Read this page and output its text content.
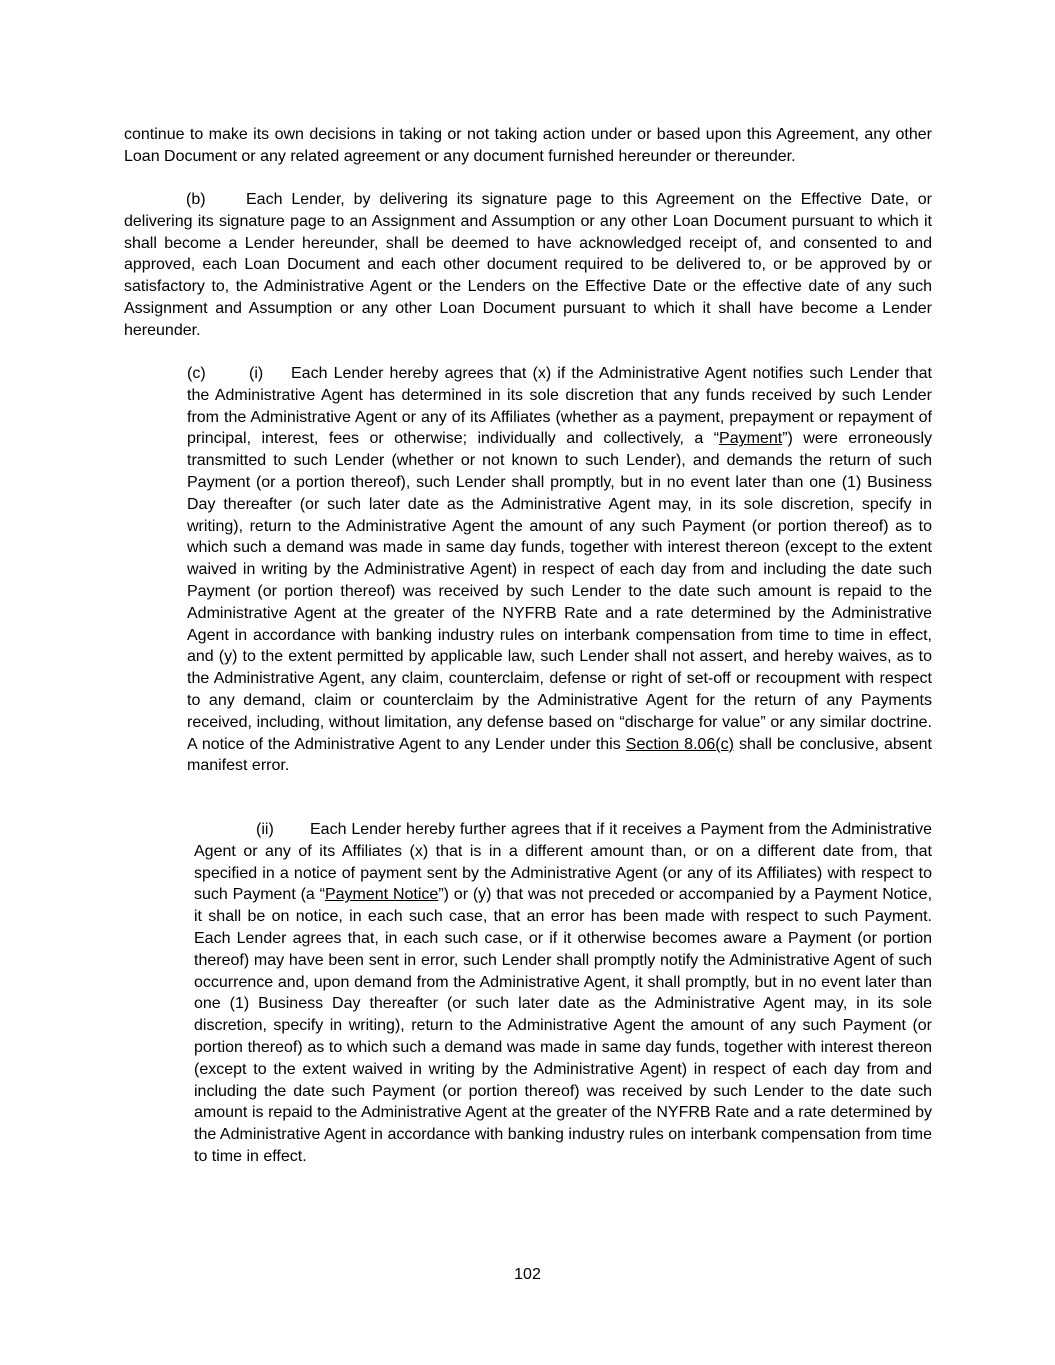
continue to make its own decisions in taking or not taking action under or based upon this Agreement, any other Loan Document or any related agreement or any document furnished hereunder or thereunder.

(b)	Each Lender, by delivering its signature page to this Agreement on the Effective Date, or delivering its signature page to an Assignment and Assumption or any other Loan Document pursuant to which it shall become a Lender hereunder, shall be deemed to have acknowledged receipt of, and consented to and approved, each Loan Document and each other document required to be delivered to, or be approved by or satisfactory to, the Administrative Agent or the Lenders on the Effective Date or the effective date of any such Assignment and Assumption or any other Loan Document pursuant to which it shall have become a Lender hereunder.

(c)	(i) Each Lender hereby agrees that (x) if the Administrative Agent notifies such Lender that the Administrative Agent has determined in its sole discretion that any funds received by such Lender from the Administrative Agent or any of its Affiliates (whether as a payment, prepayment or repayment of principal, interest, fees or otherwise; individually and collectively, a “Payment”) were erroneously transmitted to such Lender (whether or not known to such Lender), and demands the return of such Payment (or a portion thereof), such Lender shall promptly, but in no event later than one (1) Business Day thereafter (or such later date as the Administrative Agent may, in its sole discretion, specify in writing), return to the Administrative Agent the amount of any such Payment (or portion thereof) as to which such a demand was made in same day funds, together with interest thereon (except to the extent waived in writing by the Administrative Agent) in respect of each day from and including the date such Payment (or portion thereof) was received by such Lender to the date such amount is repaid to the Administrative Agent at the greater of the NYFRB Rate and a rate determined by the Administrative Agent in accordance with banking industry rules on interbank compensation from time to time in effect, and (y) to the extent permitted by applicable law, such Lender shall not assert, and hereby waives, as to the Administrative Agent, any claim, counterclaim, defense or right of set-off or recoupment with respect to any demand, claim or counterclaim by the Administrative Agent for the return of any Payments received, including, without limitation, any defense based on “discharge for value” or any similar doctrine. A notice of the Administrative Agent to any Lender under this Section 8.06(c) shall be conclusive, absent manifest error.

(ii) Each Lender hereby further agrees that if it receives a Payment from the Administrative Agent or any of its Affiliates (x) that is in a different amount than, or on a different date from, that specified in a notice of payment sent by the Administrative Agent (or any of its Affiliates) with respect to such Payment (a “Payment Notice”) or (y) that was not preceded or accompanied by a Payment Notice, it shall be on notice, in each such case, that an error has been made with respect to such Payment. Each Lender agrees that, in each such case, or if it otherwise becomes aware a Payment (or portion thereof) may have been sent in error, such Lender shall promptly notify the Administrative Agent of such occurrence and, upon demand from the Administrative Agent, it shall promptly, but in no event later than one (1) Business Day thereafter (or such later date as the Administrative Agent may, in its sole discretion, specify in writing), return to the Administrative Agent the amount of any such Payment (or portion thereof) as to which such a demand was made in same day funds, together with interest thereon (except to the extent waived in writing by the Administrative Agent) in respect of each day from and including the date such Payment (or portion thereof) was received by such Lender to the date such amount is repaid to the Administrative Agent at the greater of the NYFRB Rate and a rate determined by the Administrative Agent in accordance with banking industry rules on interbank compensation from time to time in effect.

102
